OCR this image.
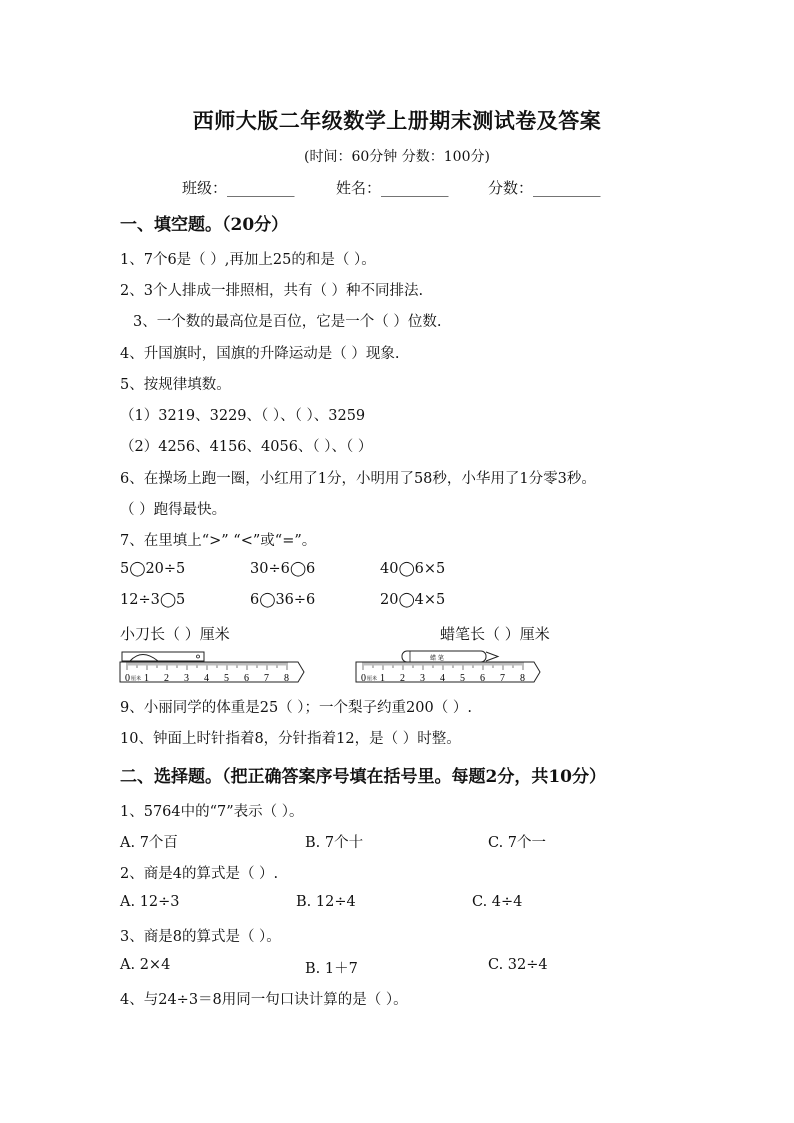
西师大版二年级数学上册期末测试卷及答案
(时间：60分钟 分数：100分)
班级：_________	姓名：_________	分数：_________
一、填空题。（20分）
1、7个6是（ ）,再加上25的和是（ ）。
2、3个人排成一排照相，共有（ ）种不同排法.
3、一个数的最高位是百位，它是一个（ ）位数.
4、升国旗时，国旗的升降运动是（ ）现象.
5、按规律填数。
（1）3219、3229、（ ）、（ ）、3259
（2）4256、4156、4056、（ ）、（ ）
6、在操场上跑一圈，小红用了1分，小明用了58秒，小华用了1分零3秒。
（ ）跑得最快。
7、在里填上“>” “<”或“=”。
5◯20÷5	30÷6◯6	40◯6×5
12÷3◯5	6◯36÷6	20◯4×5
小刀长（ ）厘米	蜡笔长（ ）厘米
0 1 2 3 4 5 6 7 8
厘米
蜡 笔
0 1 2 3 4 5 6 7 8
厘米
9、小丽同学的体重是25（ ）；一个梨子约重200（ ）.
10、钟面上时针指着8，分针指着12，是（ ）时整。
二、选择题。（把正确答案序号填在括号里。每题2分，共10分）
1、5764中的“7”表示（ ）。
A. 7个百	B. 7个十	C. 7个一
2、商是4的算式是（ ）.
A. 12÷3	B. 12÷4	C. 4÷4
3、商是8的算式是（ ）。
A. 2×4	B. 1＋7	C. 32÷4
4、与24÷3＝8用同一句口诀计算的是（ ）。
